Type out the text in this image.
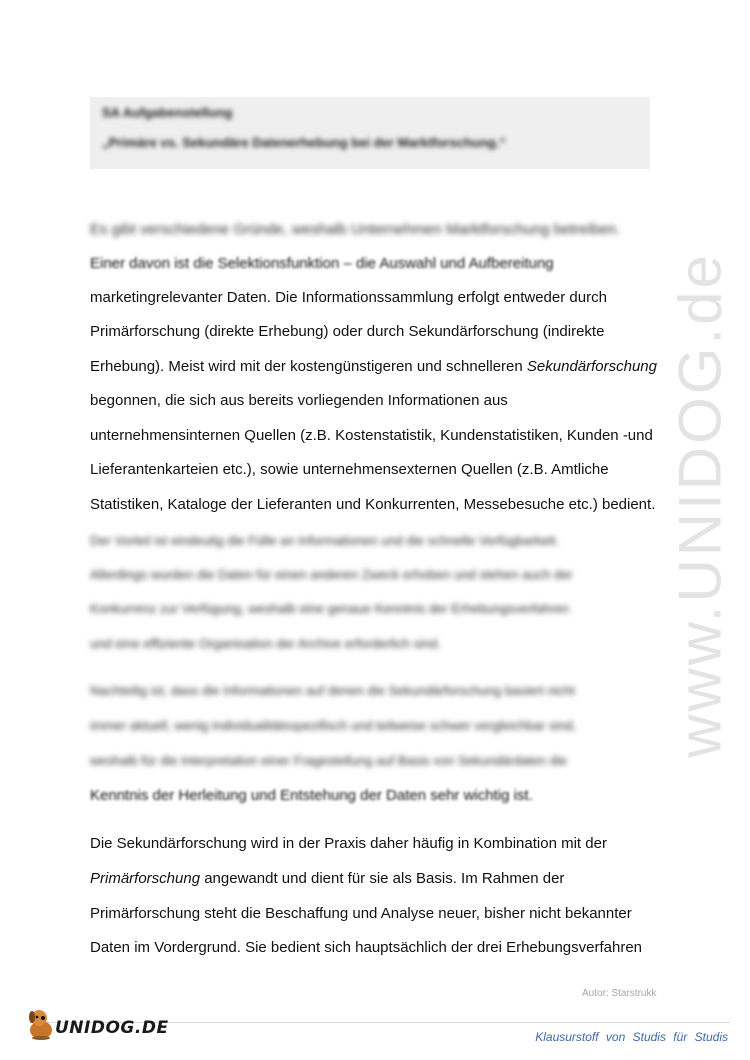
SA Aufgabenstellung
„Primäre vs. Sekundäre Datenerhebung bei der Marktforschung.“
Es gibt verschiedene Gründe, weshalb Unternehmen Marktforschung betreiben.
Einer davon ist die Selektionsfunktion – die Auswahl und Aufbereitung
marketingrelevanter Daten. Die Informationssammlung erfolgt entweder durch
Primärforschung (direkte Erhebung) oder durch Sekundärforschung (indirekte
Erhebung). Meist wird mit der kostengünstigeren und schnelleren Sekundärforschung
begonnen, die sich aus bereits vorliegenden Informationen aus
unternehmensinternen Quellen (z.B. Kostenstatistik, Kundenstatistiken, Kunden -und
Lieferantenkarteien etc.), sowie unternehmensexternen Quellen (z.B. Amtliche
Statistiken, Kataloge der Lieferanten und Konkurrenten, Messebesuche etc.) bedient.
Der Vorteil ist eindeutig die Fülle an Informationen und die schnelle Verfügbarkeit.
Allerdings wurden die Daten für einen anderen Zweck erhoben und stehen auch der
Konkurrenz zur Verfügung, weshalb eine genaue Kenntnis der Erhebungsverfahren
und eine effiziente Organisation der Archive erforderlich sind.
Nachteilig ist, dass die Informationen auf denen die Sekundärforschung basiert nicht
immer aktuell, wenig individualitätsspezifisch und teilweise schwer vergleichbar sind,
weshalb für die Interpretation einer Fragestellung auf Basis von Sekundärdaten die
Kenntnis der Herleitung und Entstehung der Daten sehr wichtig ist.
Die Sekundärforschung wird in der Praxis daher häufig in Kombination mit der
Primärforschung angewandt und dient für sie als Basis. Im Rahmen der
Primärforschung steht die Beschaffung und Analyse neuer, bisher nicht bekannter
Daten im Vordergrund. Sie bedient sich hauptsächlich der drei Erhebungsverfahren
www.UNIDOG.de
Autor: Starstrukk
UNIDOG.DE	Klausurstoff von Studis für Studis
